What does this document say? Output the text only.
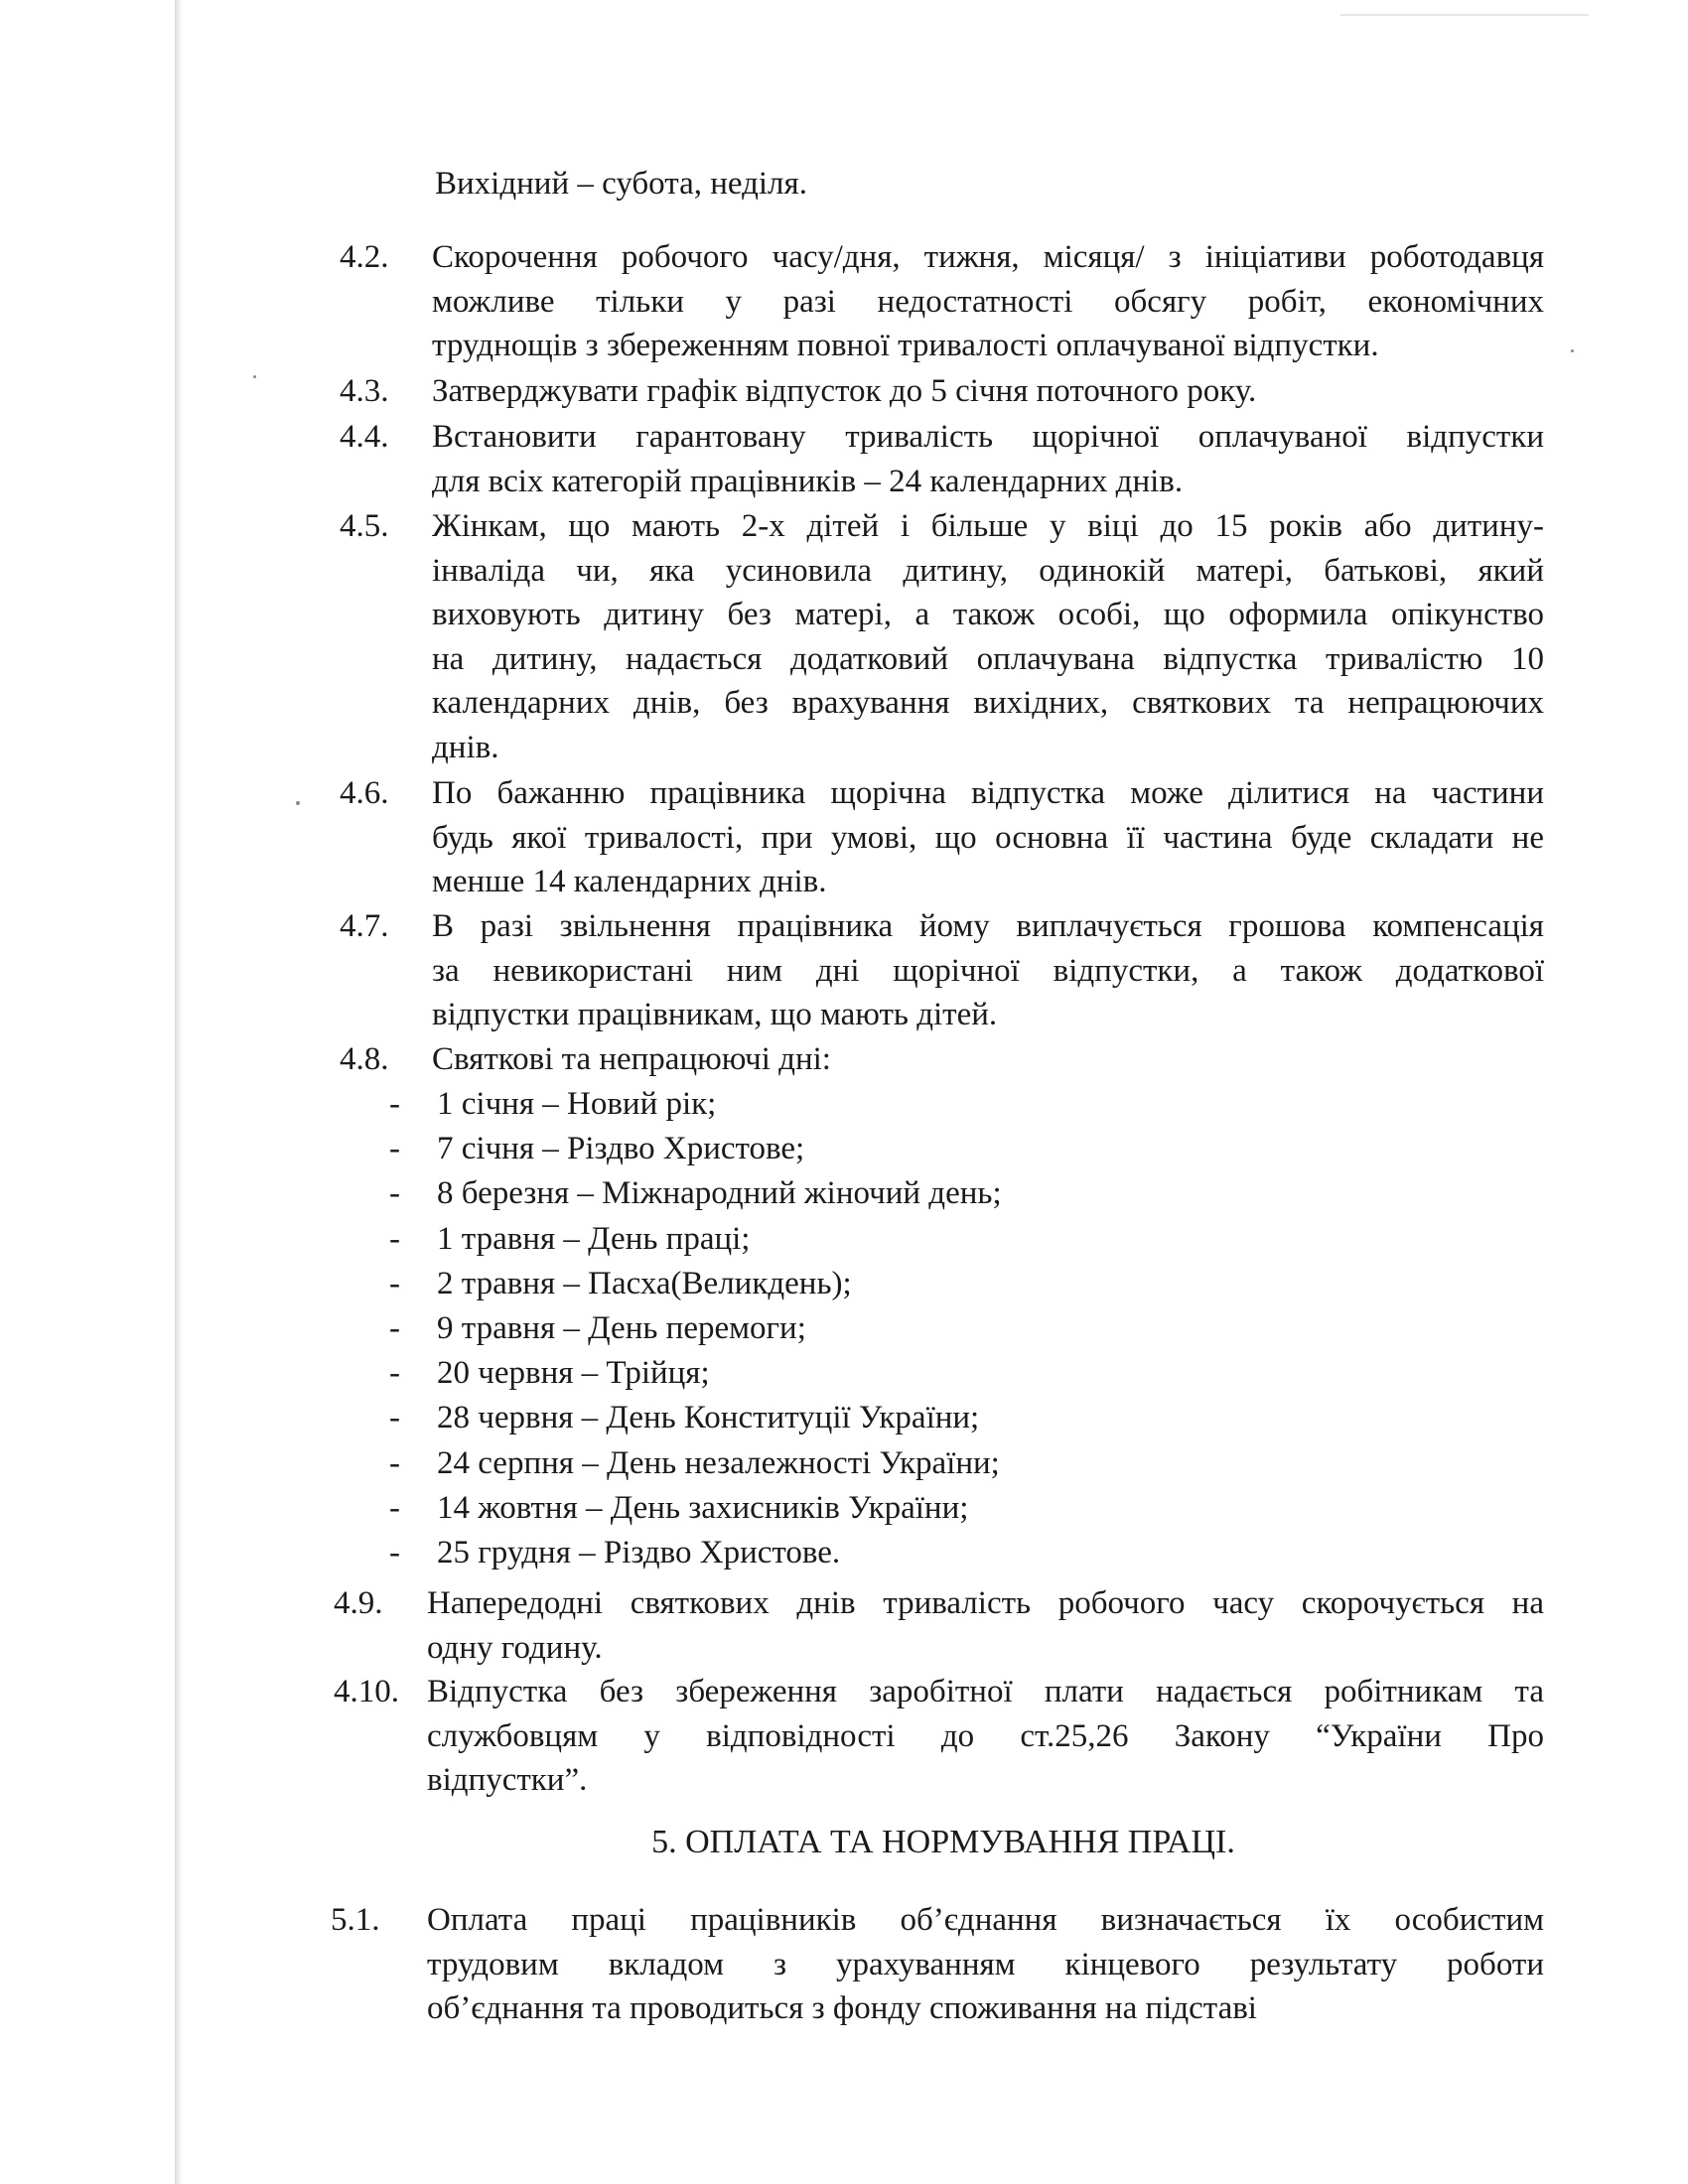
Вихідний – субота, неділя.
4.2. Скорочення робочого часу/дня, тижня, місяця/ з ініціативи роботодавця
можливе тільки у разі недостатності обсягу робіт, економічних
труднощів з збереженням повної тривалості оплачуваної відпустки.
4.3. Затверджувати графік відпусток до 5 січня поточного року.
4.4. Встановити гарантовану тривалість щорічної оплачуваної відпустки
для всіх категорій працівників – 24 календарних днів.
4.5. Жінкам, що мають 2-х дітей і більше у віці до 15 років або дитину-
інваліда чи, яка усиновила дитину, одинокій матері, батькові, який
виховують дитину без матері, а також особі, що оформила опікунство
на дитину, надається додатковий оплачувана відпустка тривалістю 10
календарних днів, без врахування вихідних, святкових та непрацюючих
днів.
4.6. По бажанню працівника щорічна відпустка може ділитися на частини
будь якої тривалості, при умові, що основна її частина буде складати не
менше 14 календарних днів.
4.7. В разі звільнення працівника йому виплачується грошова компенсація
за невикористані ним дні щорічної відпустки, а також додаткової
відпустки працівникам, що мають дітей.
4.8. Святкові та непрацюючі дні:
- 1 січня – Новий рік;
- 7 січня – Різдво Христове;
- 8 березня – Міжнародний жіночий день;
- 1 травня – День праці;
- 2 травня – Пасха(Великдень);
- 9 травня – День перемоги;
- 20 червня – Трійця;
- 28 червня – День Конституції України;
- 24 серпня – День незалежності України;
- 14 жовтня – День захисників України;
- 25 грудня – Різдво Христове.
4.9. Напередодні святкових днів тривалість робочого часу скорочується на
одну годину.
4.10. Відпустка без збереження заробітної плати надається робітникам та
службовцям у відповідності до ст.25,26 Закону “України Про
відпустки”.
5. ОПЛАТА ТА НОРМУВАННЯ ПРАЦІ.
5.1. Оплата праці працівників об’єднання визначається їх особистим
трудовим вкладом з урахуванням кінцевого результату роботи
об’єднання та проводиться з фонду споживання на підставі
